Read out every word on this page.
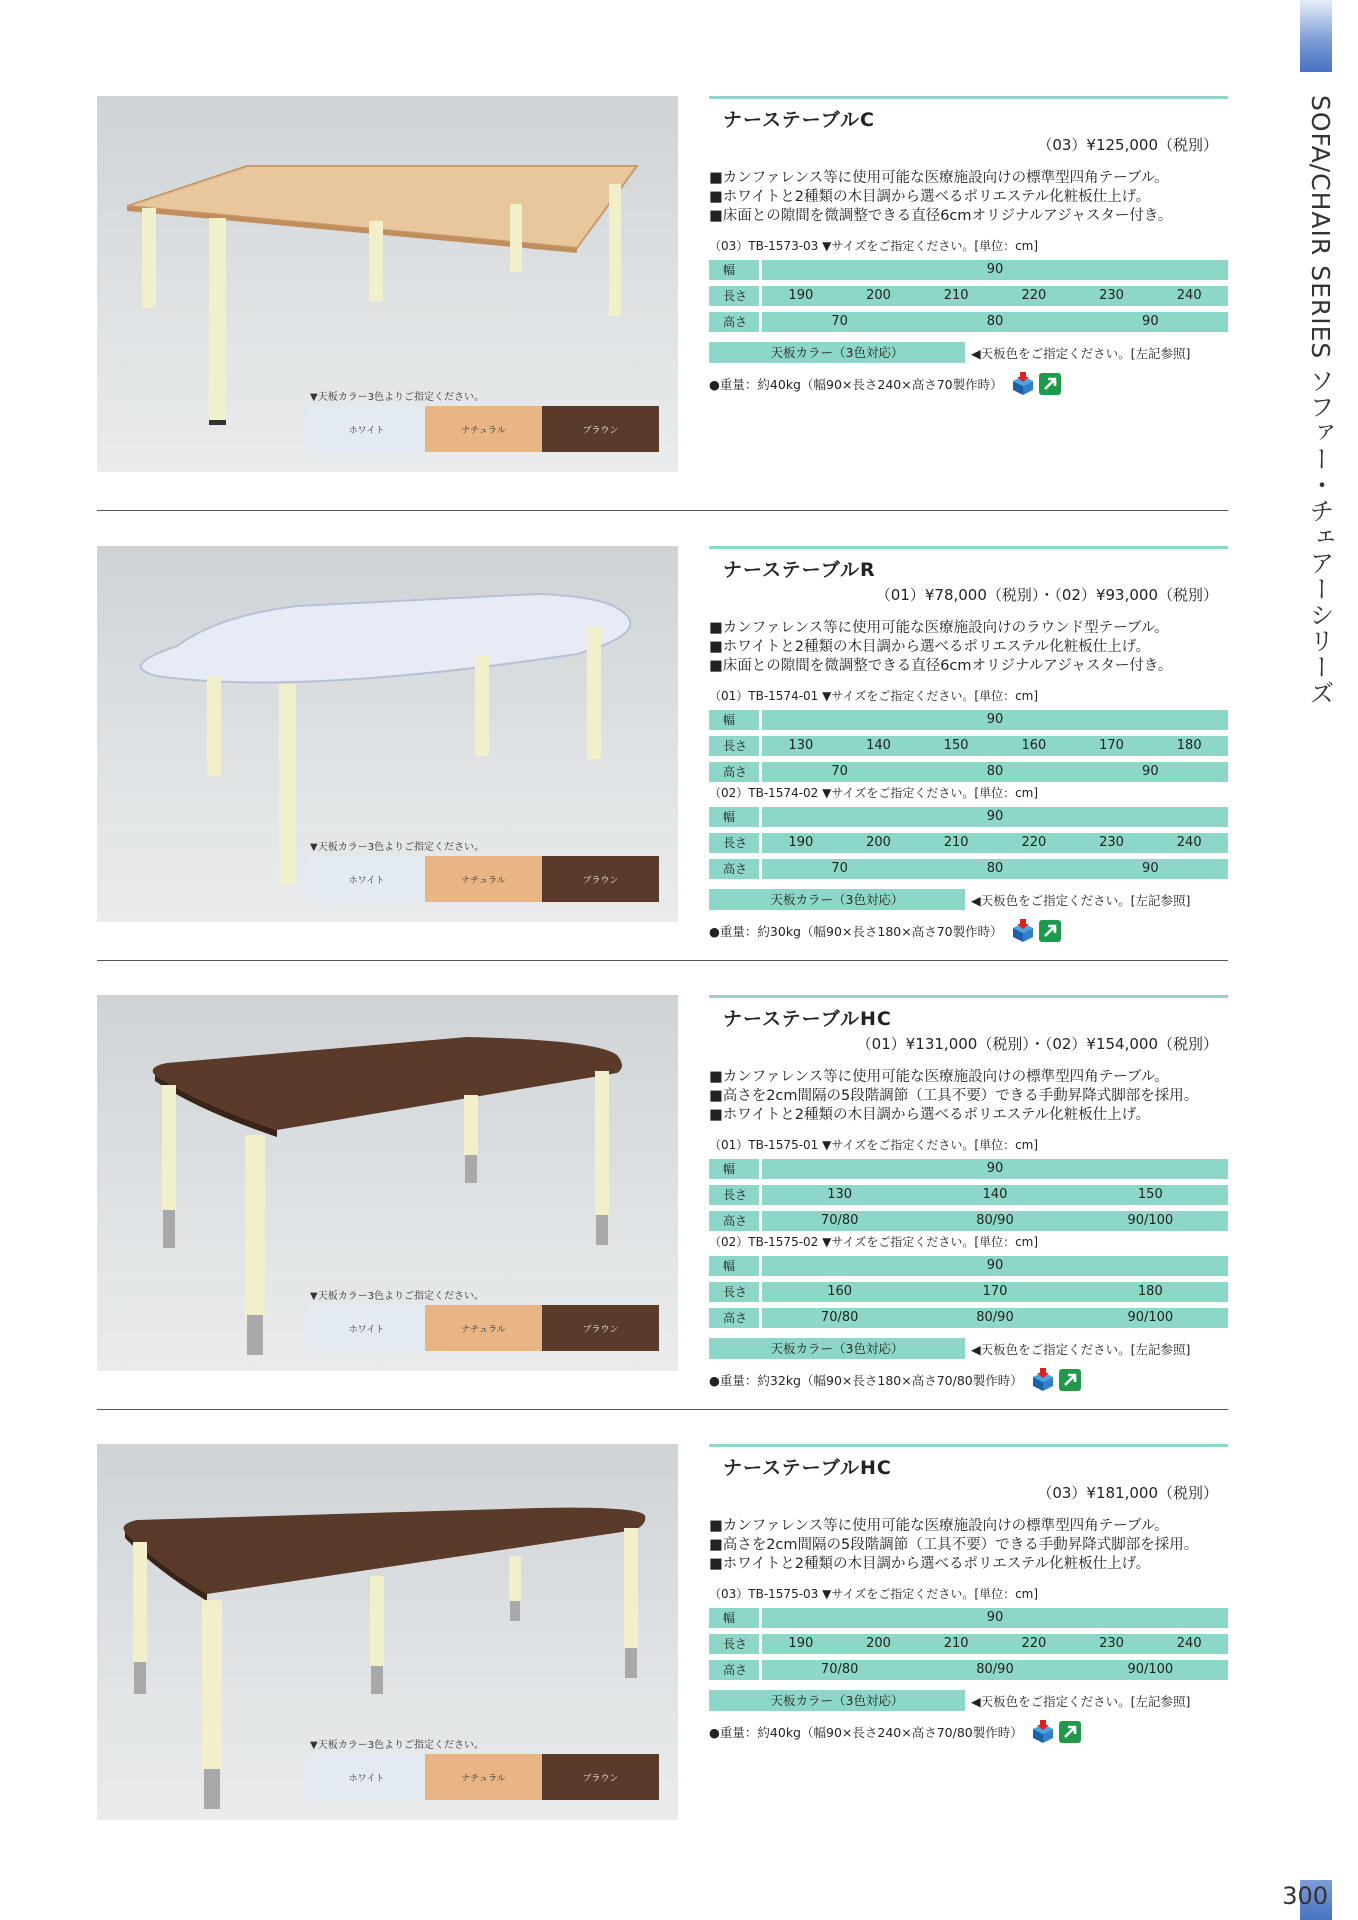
SOFA/CHAIR SERIES ソファー・チェアーシリーズ
300
▼天板カラー3色よりご指定ください。
ホワイト	ナチュラル	ブラウン
ナーステーブルC
（03）¥125,000（税別）
■カンファレンス等に使用可能な医療施設向けの標準型四角テーブル。
■ホワイトと2種類の木目調から選べるポリエステル化粧板仕上げ。
■床面との隙間を微調整できる直径6cmオリジナルアジャスター付き。
（03）TB-1573-03 ▼サイズをご指定ください。[単位：cm]
幅	90
長さ	190	200	210	220	230	240
高さ	70	80	90
天板カラー（3色対応）	◀天板色をご指定ください。[左記参照]
●重量：約40kg（幅90×長さ240×高さ70製作時）
▼天板カラー3色よりご指定ください。
ホワイト	ナチュラル	ブラウン
ナーステーブルR
（01）¥78,000（税別）・（02）¥93,000（税別）
■カンファレンス等に使用可能な医療施設向けのラウンド型テーブル。
■ホワイトと2種類の木目調から選べるポリエステル化粧板仕上げ。
■床面との隙間を微調整できる直径6cmオリジナルアジャスター付き。
（01）TB-1574-01 ▼サイズをご指定ください。[単位：cm]
幅	90
長さ	130	140	150	160	170	180
高さ	70	80	90
（02）TB-1574-02 ▼サイズをご指定ください。[単位：cm]
幅	90
長さ	190	200	210	220	230	240
高さ	70	80	90
天板カラー（3色対応）	◀天板色をご指定ください。[左記参照]
●重量：約30kg（幅90×長さ180×高さ70製作時）
▼天板カラー3色よりご指定ください。
ホワイト	ナチュラル	ブラウン
ナーステーブルHC
（01）¥131,000（税別）・（02）¥154,000（税別）
■カンファレンス等に使用可能な医療施設向けの標準型四角テーブル。
■高さを2cm間隔の5段階調節（工具不要）できる手動昇降式脚部を採用。
■ホワイトと2種類の木目調から選べるポリエステル化粧板仕上げ。
（01）TB-1575-01 ▼サイズをご指定ください。[単位：cm]
幅	90
長さ	130	140	150
高さ	70/80	80/90	90/100
（02）TB-1575-02 ▼サイズをご指定ください。[単位：cm]
幅	90
長さ	160	170	180
高さ	70/80	80/90	90/100
天板カラー（3色対応）	◀天板色をご指定ください。[左記参照]
●重量：約32kg（幅90×長さ180×高さ70/80製作時）
▼天板カラー3色よりご指定ください。
ホワイト	ナチュラル	ブラウン
ナーステーブルHC
（03）¥181,000（税別）
■カンファレンス等に使用可能な医療施設向けの標準型四角テーブル。
■高さを2cm間隔の5段階調節（工具不要）できる手動昇降式脚部を採用。
■ホワイトと2種類の木目調から選べるポリエステル化粧板仕上げ。
（03）TB-1575-03 ▼サイズをご指定ください。[単位：cm]
幅	90
長さ	190	200	210	220	230	240
高さ	70/80	80/90	90/100
天板カラー（3色対応）	◀天板色をご指定ください。[左記参照]
●重量：約40kg（幅90×長さ240×高さ70/80製作時）
